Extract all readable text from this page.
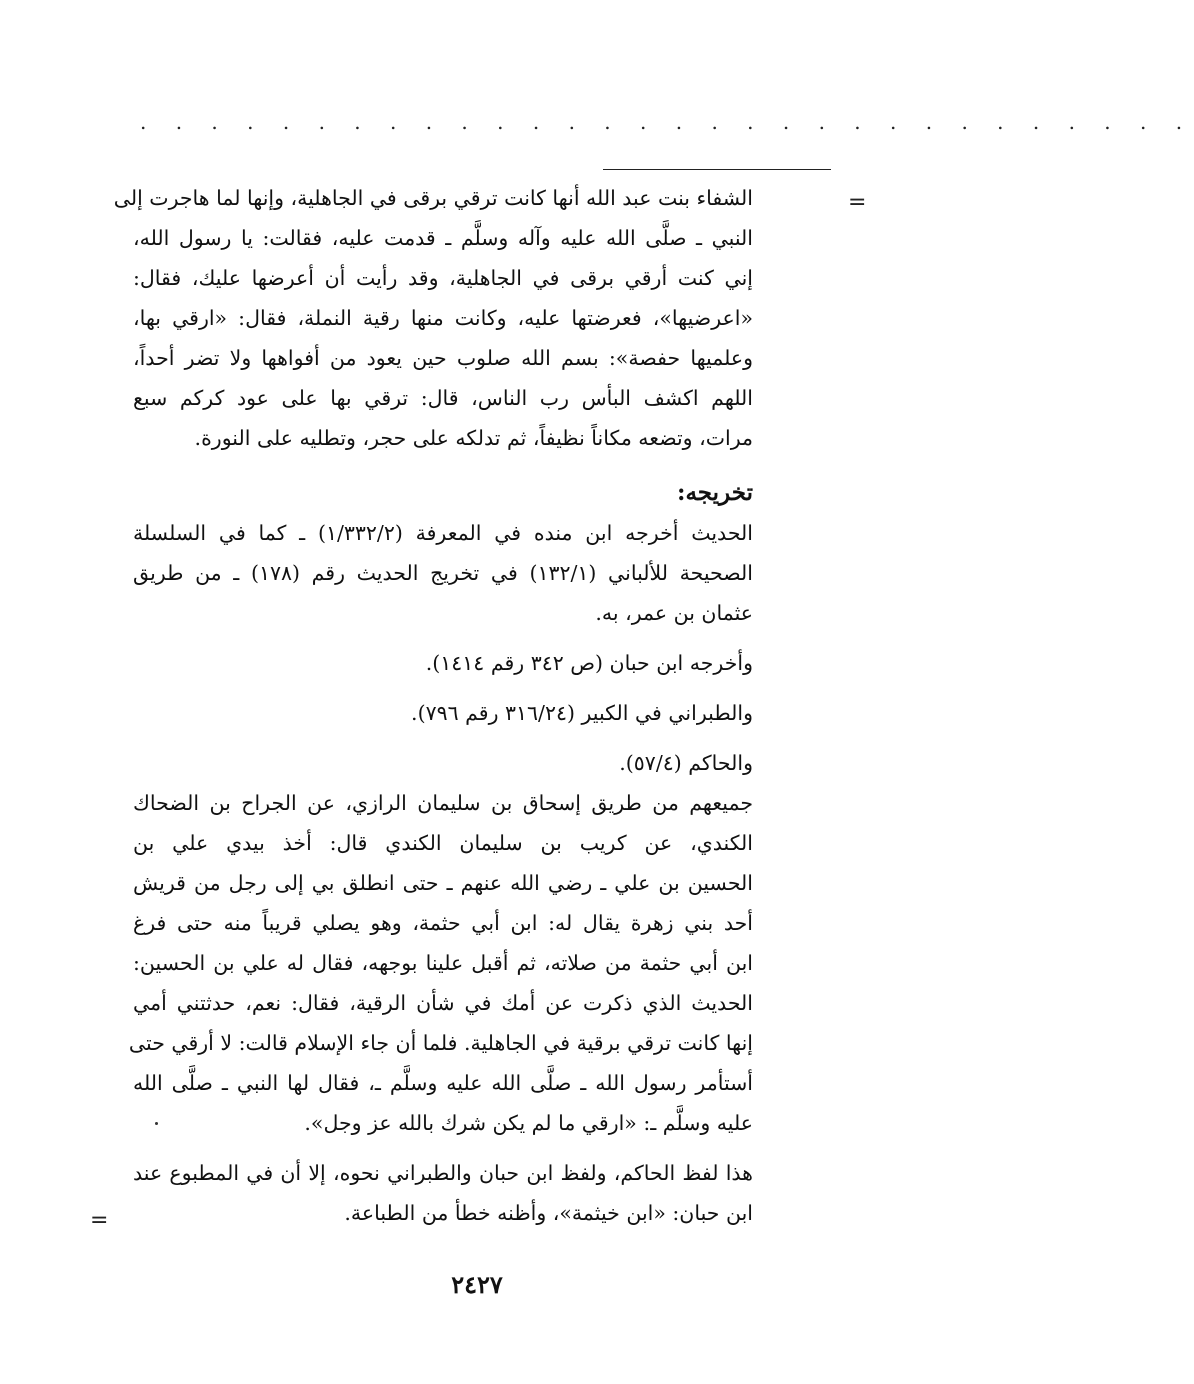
. . . . . . . . . . . . . . . . . . . . . . . . . . . . . .
=
الشفاء بنت عبد الله أنها كانت ترقي برقى في الجاهلية، وإنها لما هاجرت إلى
النبي ـ صلَّى الله عليه وآله وسلَّم ـ قدمت عليه، فقالت: يا رسول الله،
إني كنت أرقي برقى في الجاهلية، وقد رأيت أن أعرضها عليك، فقال:
«اعرضيها»، فعرضتها عليه، وكانت منها رقية النملة، فقال: «ارقي بها،
وعلميها حفصة»: بسم الله صلوب حين يعود من أفواهها ولا تضر أحداً،
اللهم اكشف البأس رب الناس، قال: ترقي بها على عود كركم سبع
مرات، وتضعه مكاناً نظيفاً، ثم تدلكه على حجر، وتطليه على النورة.
تخريجه:
الحديث أخرجه ابن منده في المعرفة (١/٣٣٢/٢) ـ كما في السلسلة
الصحيحة للألباني (١٣٢/١) في تخريج الحديث رقم (١٧٨) ـ من طريق
عثمان بن عمر، به.
وأخرجه ابن حبان (ص ٣٤٢ رقم ١٤١٤).
والطبراني في الكبير (٣١٦/٢٤ رقم ٧٩٦).
والحاكم (٥٧/٤).
جميعهم من طريق إسحاق بن سليمان الرازي، عن الجراح بن الضحاك
الكندي، عن كريب بن سليمان الكندي قال: أخذ بيدي علي بن
الحسين بن علي ـ رضي الله عنهم ـ حتى انطلق بي إلى رجل من قريش
أحد بني زهرة يقال له: ابن أبي حثمة، وهو يصلي قريباً منه حتى فرغ
ابن أبي حثمة من صلاته، ثم أقبل علينا بوجهه، فقال له علي بن الحسين:
الحديث الذي ذكرت عن أمك في شأن الرقية، فقال: نعم، حدثتني أمي
إنها كانت ترقي برقية في الجاهلية. فلما أن جاء الإسلام قالت: لا أرقي حتى
أستأمر رسول الله ـ صلَّى الله عليه وسلَّم ـ، فقال لها النبي ـ صلَّى الله
عليه وسلَّم ـ: «ارقي ما لم يكن شرك بالله عز وجل».
هذا لفظ الحاكم، ولفظ ابن حبان والطبراني نحوه، إلا أن في المطبوع عند
ابن حبان: «ابن خيثمة»، وأظنه خطأ من الطباعة.
=
٢٤٢٧
